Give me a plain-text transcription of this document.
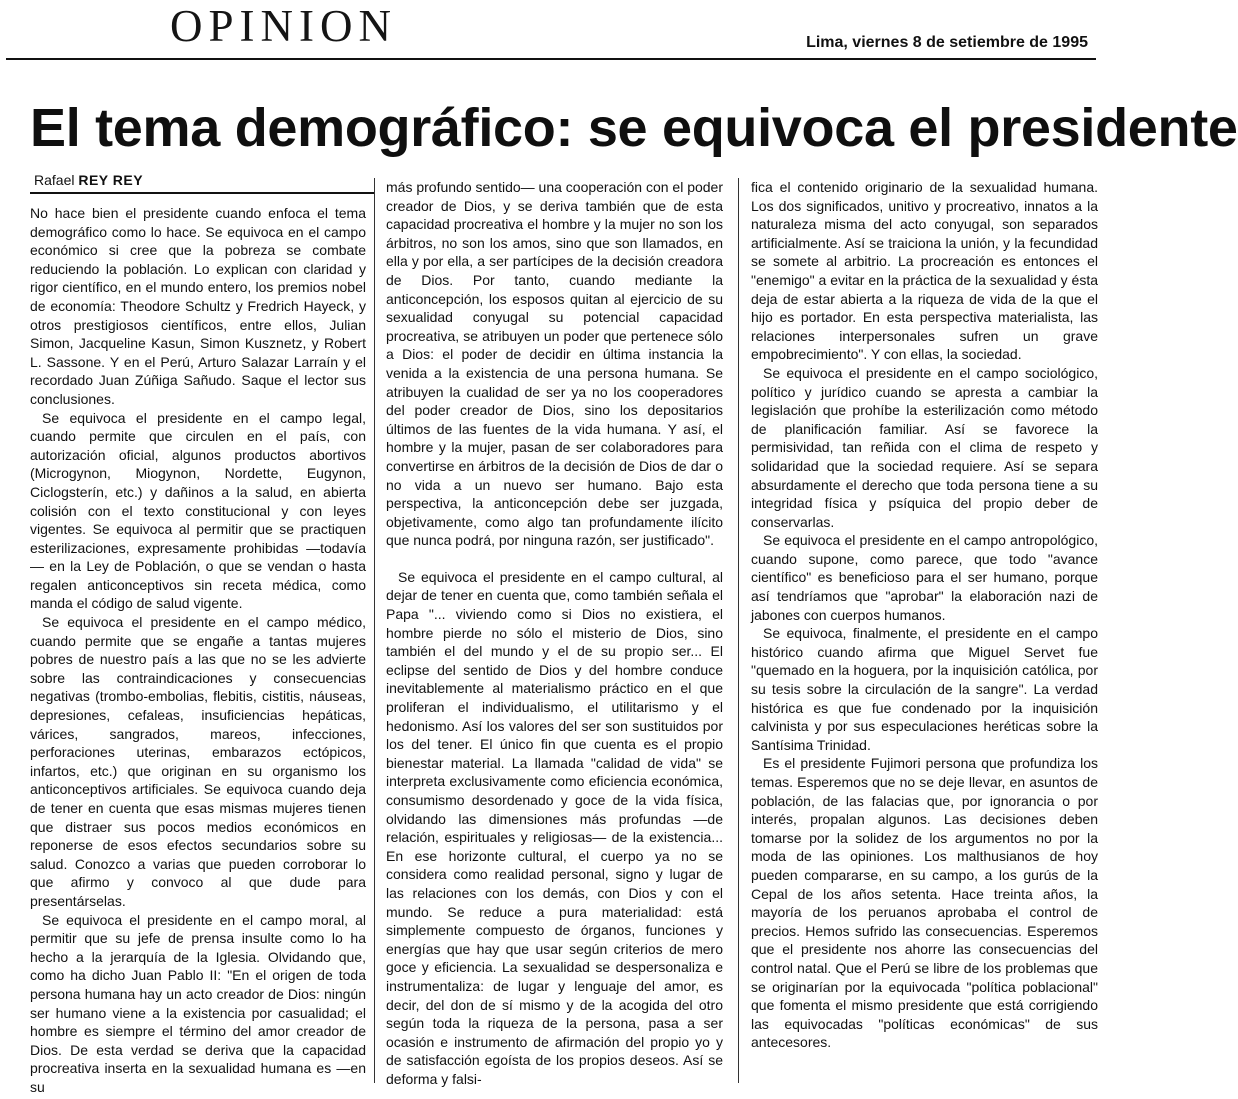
OPINION	Lima, viernes 8 de setiembre de 1995
El tema demográfico: se equivoca el presidente
Rafael REY REY

No hace bien el presidente cuando enfoca el tema demográfico como lo hace. Se equivoca en el campo económico si cree que la pobreza se combate reduciendo la población. Lo explican con claridad y rigor científico, en el mundo entero, los premios nobel de economía: Theodore Schultz y Fredrich Hayeck, y otros prestigiosos científicos, entre ellos, Julian Simon, Jacqueline Kasun, Simon Kusznetz, y Robert L. Sassone. Y en el Perú, Arturo Salazar Larraín y el recordado Juan Zúñiga Sañudo. Saque el lector sus conclusiones.

Se equivoca el presidente en el campo legal, cuando permite que circulen en el país, con autorización oficial, algunos productos abortivos (Microgynon, Miogynon, Nordette, Eugynon, Ciclogsterín, etc.) y dañinos a la salud, en abierta colisión con el texto constitucional y con leyes vigentes. Se equivoca al permitir que se practiquen esterilizaciones, expresamente prohibidas —todavía— en la Ley de Población, o que se vendan o hasta regalen anticonceptivos sin receta médica, como manda el código de salud vigente.

Se equivoca el presidente en el campo médico, cuando permite que se engañe a tantas mujeres pobres de nuestro país a las que no se les advierte sobre las contraindicaciones y consecuencias negativas (trombo-embolias, flebitis, cistitis, náuseas, depresiones, cefaleas, insuficiencias hepáticas, várices, sangrados, mareos, infecciones, perforaciones uterinas, embarazos ectópicos, infartos, etc.) que originan en su organismo los anticonceptivos artificiales. Se equivoca cuando deja de tener en cuenta que esas mismas mujeres tienen que distraer sus pocos medios económicos en reponerse de esos efectos secundarios sobre su salud. Conozco a varias que pueden corroborar lo que afirmo y convoco al que dude para presentárselas.

Se equivoca el presidente en el campo moral, al permitir que su jefe de prensa insulte como lo ha hecho a la jerarquía de la Iglesia. Olvidando que, como ha dicho Juan Pablo II: "En el origen de toda persona humana hay un acto creador de Dios: ningún ser humano viene a la existencia por casualidad; el hombre es siempre el término del amor creador de Dios. De esta verdad se deriva que la capacidad procreativa inserta en la sexualidad humana es —en su

más profundo sentido— una cooperación con el poder creador de Dios, y se deriva también que de esta capacidad procreativa el hombre y la mujer no son los árbitros, no son los amos, sino que son llamados, en ella y por ella, a ser partícipes de la decisión creadora de Dios. Por tanto, cuando mediante la anticoncepción, los esposos quitan al ejercicio de su sexualidad conyugal su potencial capacidad procreativa, se atribuyen un poder que pertenece sólo a Dios: el poder de decidir en última instancia la venida a la existencia de una persona humana. Se atribuyen la cualidad de ser ya no los cooperadores del poder creador de Dios, sino los depositarios últimos de las fuentes de la vida humana. Y así, el hombre y la mujer, pasan de ser colaboradores para convertirse en árbitros de la decisión de Dios de dar o no vida a un nuevo ser humano. Bajo esta perspectiva, la anticoncepción debe ser juzgada, objetivamente, como algo tan profundamente ilícito que nunca podrá, por ninguna razón, ser justificado".

Se equivoca el presidente en el campo cultural, al dejar de tener en cuenta que, como también señala el Papa "... viviendo como si Dios no existiera, el hombre pierde no sólo el misterio de Dios, sino también el del mundo y el de su propio ser... El eclipse del sentido de Dios y del hombre conduce inevitablemente al materialismo práctico en el que proliferan el individualismo, el utilitarismo y el hedonismo. Así los valores del ser son sustituidos por los del tener. El único fin que cuenta es el propio bienestar material. La llamada "calidad de vida" se interpreta exclusivamente como eficiencia económica, consumismo desordenado y goce de la vida física, olvidando las dimensiones más profundas —de relación, espirituales y religiosas— de la existencia... En ese horizonte cultural, el cuerpo ya no se considera como realidad personal, signo y lugar de las relaciones con los demás, con Dios y con el mundo. Se reduce a pura materialidad: está simplemente compuesto de órganos, funciones y energías que hay que usar según criterios de mero goce y eficiencia. La sexualidad se despersonaliza e instrumentaliza: de lugar y lenguaje del amor, es decir, del don de sí mismo y de la acogida del otro según toda la riqueza de la persona, pasa a ser ocasión e instrumento de afirmación del propio yo y de satisfacción egoísta de los propios deseos. Así se deforma y falsi-

fica el contenido originario de la sexualidad humana. Los dos significados, unitivo y procreativo, innatos a la naturaleza misma del acto conyugal, son separados artificialmente. Así se traiciona la unión, y la fecundidad se somete al arbitrio. La procreación es entonces el "enemigo" a evitar en la práctica de la sexualidad y ésta deja de estar abierta a la riqueza de vida de la que el hijo es portador. En esta perspectiva materialista, las relaciones interpersonales sufren un grave empobrecimiento". Y con ellas, la sociedad.

Se equivoca el presidente en el campo sociológico, político y jurídico cuando se apresta a cambiar la legislación que prohíbe la esterilización como método de planificación familiar. Así se favorece la permisividad, tan reñida con el clima de respeto y solidaridad que la sociedad requiere. Así se separa absurdamente el derecho que toda persona tiene a su integridad física y psíquica del propio deber de conservarlas.

Se equivoca el presidente en el campo antropológico, cuando supone, como parece, que todo "avance científico" es beneficioso para el ser humano, porque así tendríamos que "aprobar" la elaboración nazi de jabones con cuerpos humanos.

Se equivoca, finalmente, el presidente en el campo histórico cuando afirma que Miguel Servet fue "quemado en la hoguera, por la inquisición católica, por su tesis sobre la circulación de la sangre". La verdad histórica es que fue condenado por la inquisición calvinista y por sus especulaciones heréticas sobre la Santísima Trinidad.

Es el presidente Fujimori persona que profundiza los temas. Esperemos que no se deje llevar, en asuntos de población, de las falacias que, por ignorancia o por interés, propalan algunos. Las decisiones deben tomarse por la solidez de los argumentos no por la moda de las opiniones. Los malthusianos de hoy pueden compararse, en su campo, a los gurús de la Cepal de los años setenta. Hace treinta años, la mayoría de los peruanos aprobaba el control de precios. Hemos sufrido las consecuencias. Esperemos que el presidente nos ahorre las consecuencias del control natal. Que el Perú se libre de los problemas que se originarían por la equivocada "política poblacional" que fomenta el mismo presidente que está corrigiendo las equivocadas "políticas económicas" de sus antecesores.
